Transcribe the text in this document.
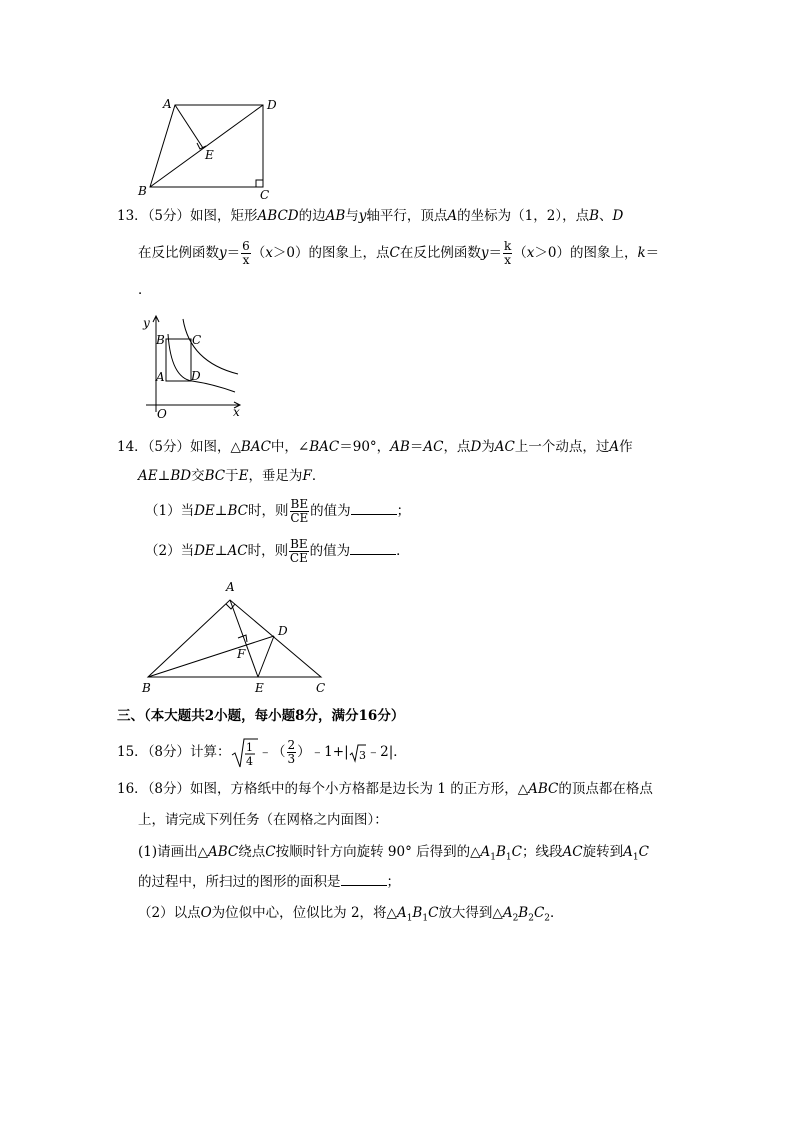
A	D
E
B	C
13．（5分）如图，矩形ABCD的边AB与y轴平行，顶点A的坐标为（1，2），点B、D
在反比例函数$y= \frac{6}{x} (x>0)$的图象上，点C在反比例函数$y= \frac{k}{x} (x>0)$的图象上，k＝
．
y
B C
A D
O	x
14．（5分）如图，△BAC中，∠BAC＝90°，AB＝AC，点D为AC上一个动点，过A作
AE⊥BD交BC于E，垂足为F．
（1）当DE⊥BC时，则 $\frac{BE}{CE}$ 的值为	；
（2）当DE⊥AC时，则 $\frac{BE}{CE}$ 的值为	．
A
D
F
B	E	C
三、（本大题共2小题，每小题8分，满分16分）
15．（8分）计算： 1
4
﹣（ $\frac{2}{3}$ ）﹣1+| 3 ﹣2|．
16．（8分）如图，方格纸中的每个小方格都是边长为 1 的正方形，△ABC的顶点都在格点
上，请完成下列任务（在网格之内面图）：
(1)请画出△ABC绕点C按顺时针方向旋转 90° 后得到的$\triangle A_1B_1C$；线段AC旋转到$A_1C$
的过程中，所扫过的图形的面积是	；
（2）以点O为位似中心，位似比为 2，将$\triangle A_1B_1C$放大得到$\triangle A_2B_2C_2$．
